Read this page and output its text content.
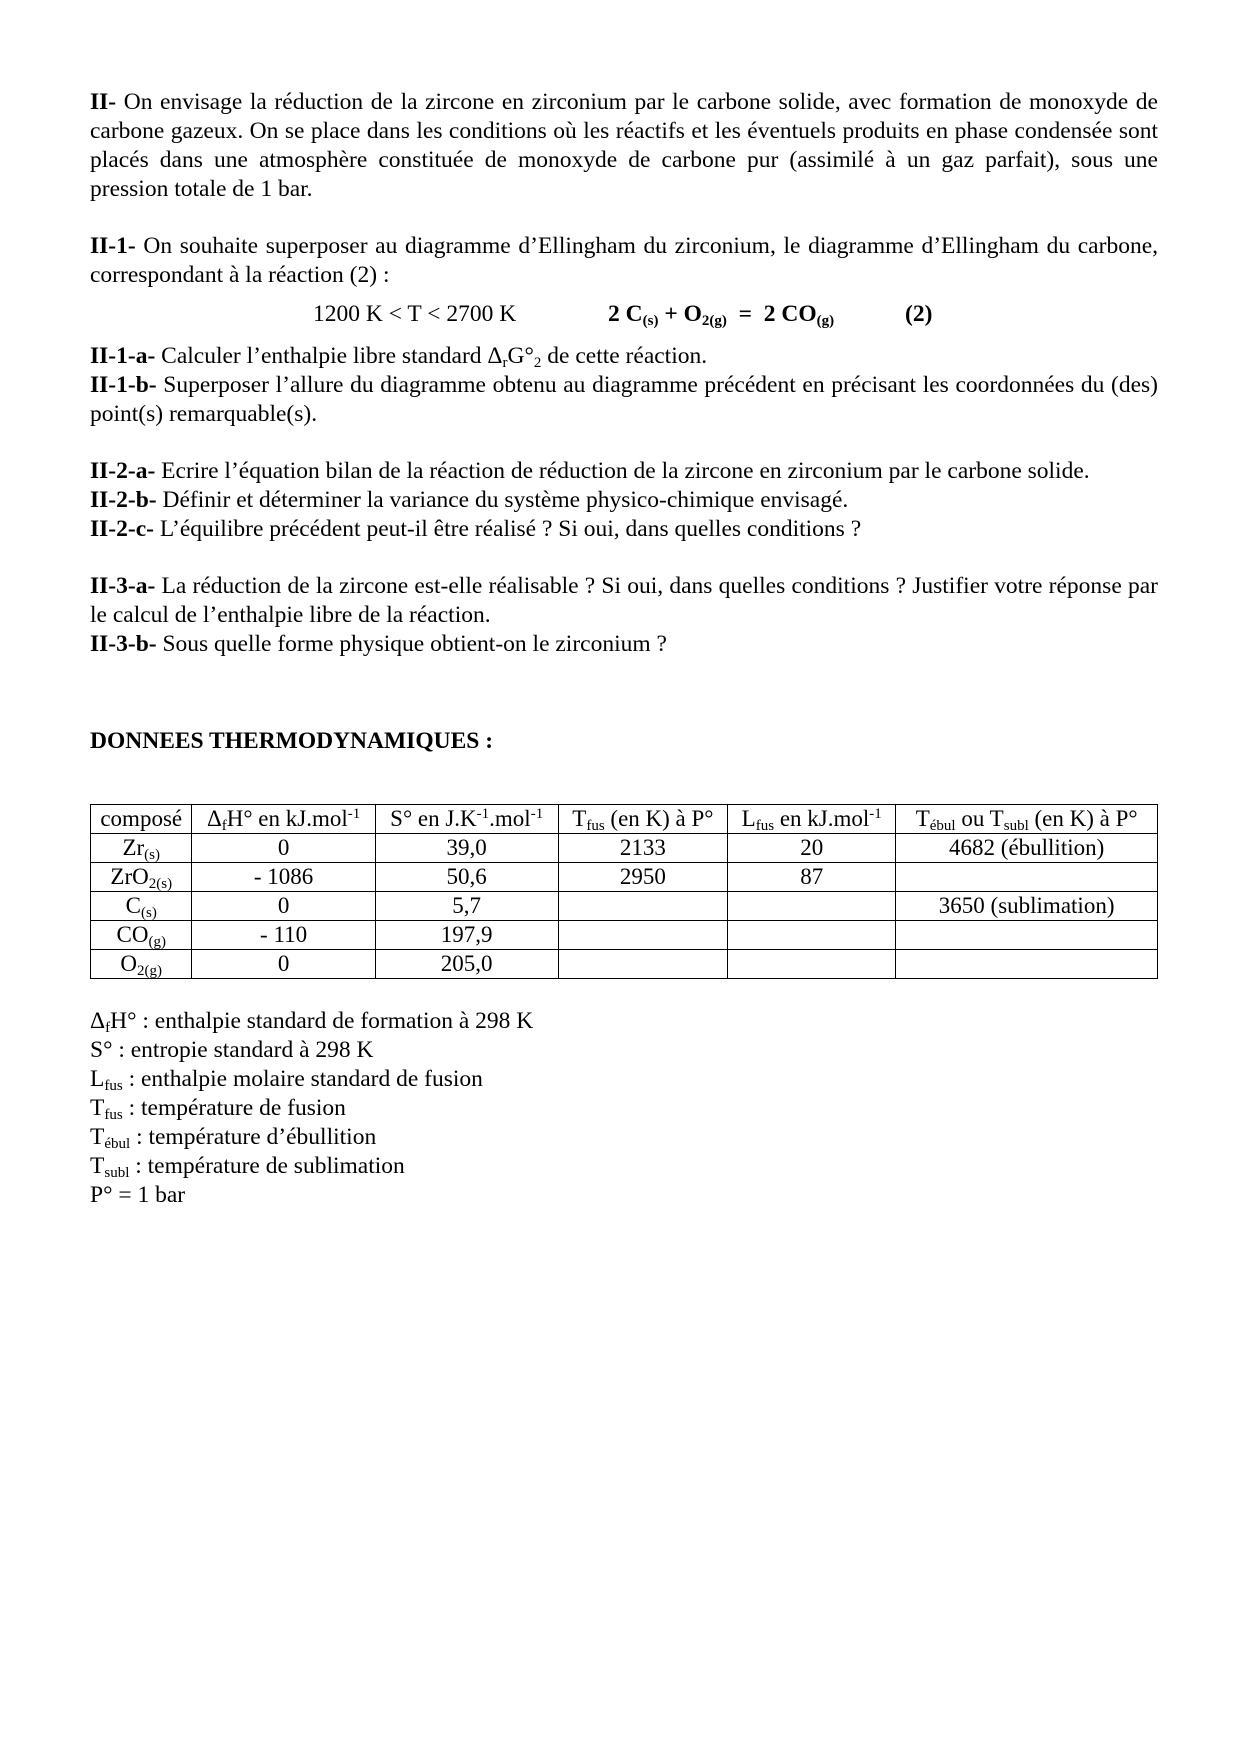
II- On envisage la réduction de la zircone en zirconium par le carbone solide, avec formation de monoxyde de carbone gazeux. On se place dans les conditions où les réactifs et les éventuels produits en phase condensée sont placés dans une atmosphère constituée de monoxyde de carbone pur (assimilé à un gaz parfait), sous une pression totale de 1 bar.

II-1- On souhaite superposer au diagramme d’Ellingham du zirconium, le diagramme d’Ellingham du carbone, correspondant à la réaction (2) :

1200 K < T < 2700 K	2 $C_{(s)} + O_{2(g)} = 2$ $CO_{(g)}$	(2)

II-1-a- Calculer l’enthalpie libre standard $\Delta_rG^\circ_2$ de cette réaction.

II-1-b- Superposer l’allure du diagramme obtenu au diagramme précédent en précisant les coordonnées du (des) point(s) remarquable(s).

II-2-a- Ecrire l’équation bilan de la réaction de réduction de la zircone en zirconium par le carbone solide.

II-2-b- Définir et déterminer la variance du système physico-chimique envisagé.

II-2-c- L’équilibre précédent peut-il être réalisé ? Si oui, dans quelles conditions ?

II-3-a- La réduction de la zircone est-elle réalisable ? Si oui, dans quelles conditions ? Justifier votre réponse par le calcul de l’enthalpie libre de la réaction.

II-3-b- Sous quelle forme physique obtient-on le zirconium ?

DONNEES THERMODYNAMIQUES :

composé	$\Delta_fH^\circ$ en kJ.mol$^{-1}$	S° en $J.K^{-1}.mol^{-1}$	$T_{fus}$ (en K) à P°	$L_{fus}$ en kJ.mol$^{-1}$	$T_{ébul}$ ou $T_{subl}$ (en K) à P°
$Zr_{(s)}$	0	39,0	2133	20	4682 (ébullition)
ZrO$_{2(s)}$	- 1086	50,6	2950	87	
$C_{(s)}$	0	5,7			3650 (sublimation)
$CO_{(g)}$	- 110	197,9			
$O_{2(g)}$	0	205,0			

$\Delta_fH^\circ$ : enthalpie standard de formation à 298 K

S° : entropie standard à 298 K

$L_{fus}$ : enthalpie molaire standard de fusion

$T_{fus}$ : température de fusion

$T_{ébul}$ : température d’ébullition

$T_{subl}$ : température de sublimation

P° = 1 bar
